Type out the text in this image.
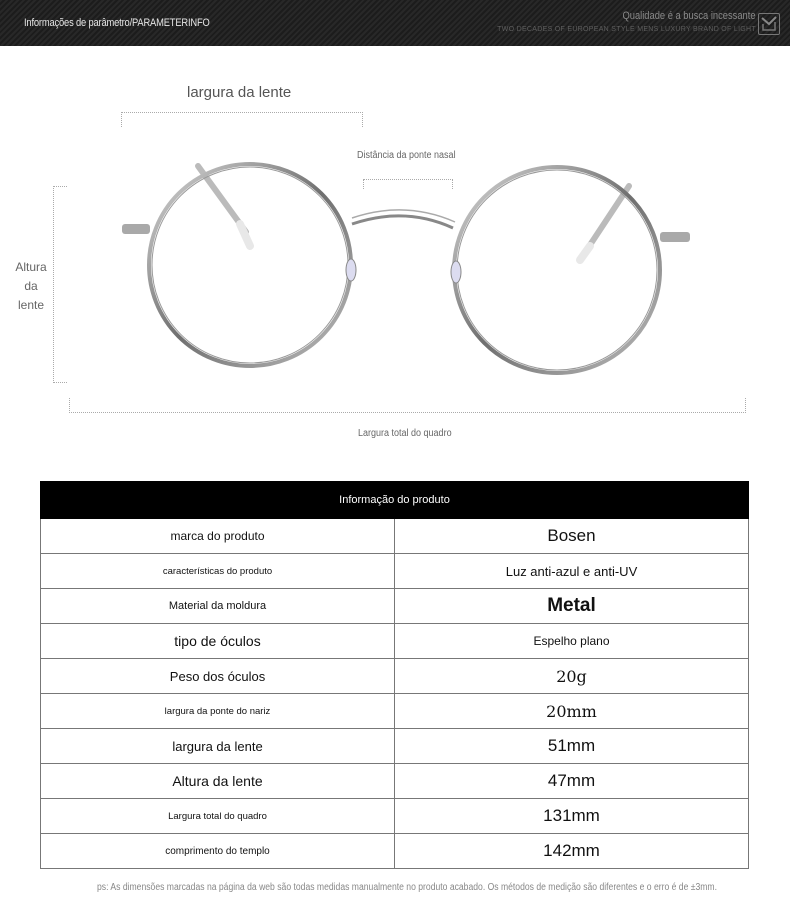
Informações de parâmetro/PARAMETERINFO
Qualidade é a busca incessante
TWO DECADES OF EUROPEAN STYLE MENS LUXURY BRAND OF LIGHT
largura da lente
Distância da ponte nasal
Altura da lente
Largura total do quadro
Informação do produto	
marca do produto	Bosen
características do produto	Luz anti-azul e anti-UV
Material da moldura	Metal
tipo de óculos	Espelho plano
Peso dos óculos	20g
largura da ponte do nariz	20mm
largura da lente	51mm
Altura da lente	47mm
Largura total do quadro	131mm
comprimento do templo	142mm
ps: As dimensões marcadas na página da web são todas medidas manualmente no produto acabado. Os métodos de medição são diferentes e o erro é de ±3mm.
